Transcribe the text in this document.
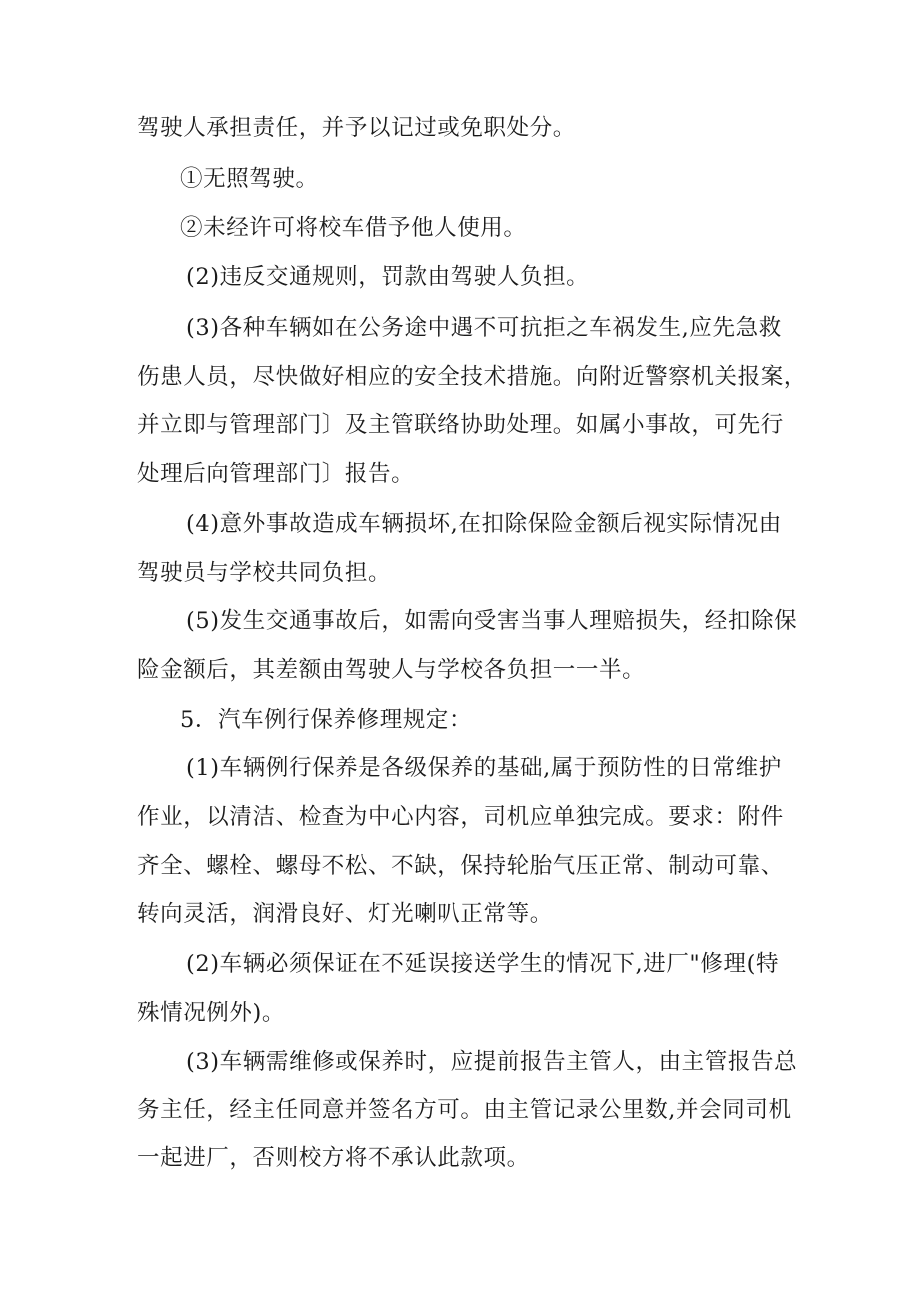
驾驶人承担责任，并予以记过或免职处分。
①无照驾驶。
②未经许可将校车借予他人使用。
(2)违反交通规则，罚款由驾驶人负担。
(3)各种车辆如在公务途中遇不可抗拒之车祸发生,应先急救
伤患人员，尽快做好相应的安全技术措施。向附近警察机关报案，
并立即与管理部门〕及主管联络协助处理。如属小事故，可先行
处理后向管理部门〕报告。
(4)意外事故造成车辆损坏,在扣除保险金额后视实际情况由
驾驶员与学校共同负担。
(5)发生交通事故后，如需向受害当事人理赔损失，经扣除保
险金额后，其差额由驾驶人与学校各负担一一半。
5．汽车例行保养修理规定：
(1)车辆例行保养是各级保养的基础,属于预防性的日常维护
作业，以清洁、检查为中心内容，司机应单独完成。要求：附件
齐全、螺栓、螺母不松、不缺，保持轮胎气压正常、制动可靠、
转向灵活，润滑良好、灯光喇叭正常等。
(2)车辆必须保证在不延误接送学生的情况下,进厂"修理(特
殊情况例外)。
(3)车辆需维修或保养时，应提前报告主管人，由主管报告总
务主任，经主任同意并签名方可。由主管记录公里数,并会同司机
一起进厂，否则校方将不承认此款项。
